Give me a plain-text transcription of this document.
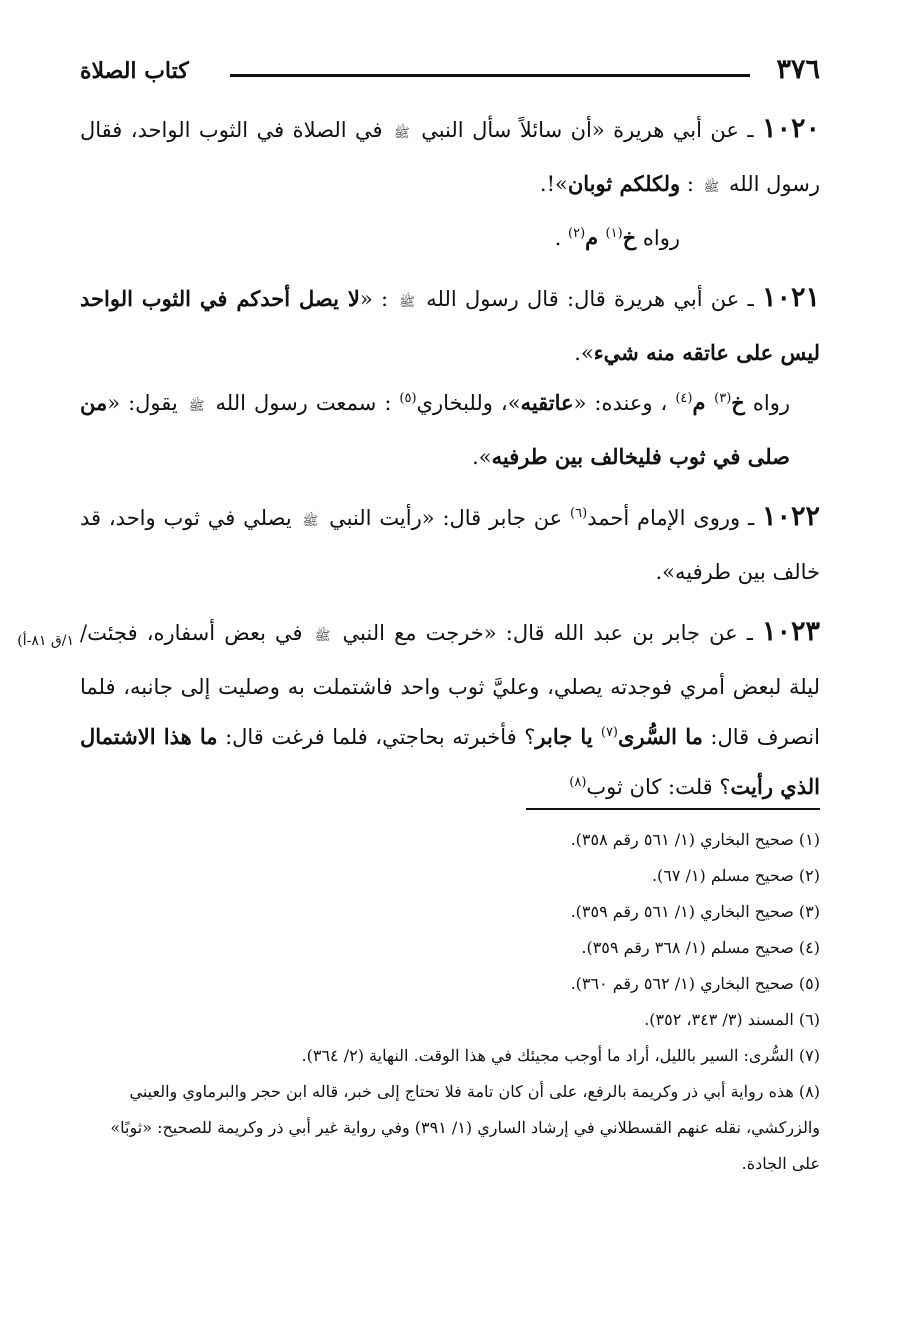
٣٧٦
كتاب الصلاة
١/ق ٨١-أ)

١٠٢٠ ـ عن أبي هريرة «أن سائلاً سأل النبي ﷺ في الصلاة في الثوب الواحد، فقال رسول الله ﷺ : ولكلكم ثوبان»!.

رواه خ$^{(١)}$ م$^{(٢)}$ .

١٠٢١ ـ عن أبي هريرة قال: قال رسول الله ﷺ : «لا يصل أحدكم في الثوب الواحد ليس على عاتقه منه شيء».

رواه خ$^{(٣)}$ م$^{(٤)}$ ، وعنده: «عاتقيه»، وللبخاري$^{(٥)}$ : سمعت رسول الله ﷺ يقول: «من صلى في ثوب فليخالف بين طرفيه».

١٠٢٢ ـ وروى الإمام أحمد$^{(٦)}$ عن جابر قال: «رأيت النبي ﷺ يصلي في ثوب واحد، قد خالف بين طرفيه».

١٠٢٣ ـ عن جابر بن عبد الله قال: «خرجت مع النبي ﷺ في بعض أسفاره، فجئت/ ليلة لبعض أمري فوجدته يصلي، وعليَّ ثوب واحد فاشتملت به وصليت إلى جانبه، فلما انصرف قال: ما السُّرى$^{(٧)}$ يا جابر؟ فأخبرته بحاجتي، فلما فرغت قال: ما هذا الاشتمال الذي رأيت؟ قلت: كان ثوب$^{(٨)}$

(١) صحيح البخاري (١/ ٥٦١ رقم ٣٥٨).

(٢) صحيح مسلم (١/ ٦٧).

(٣) صحيح البخاري (١/ ٥٦١ رقم ٣٥٩).

(٤) صحيح مسلم (١/ ٣٦٨ رقم ٣٥٩).

(٥) صحيح البخاري (١/ ٥٦٢ رقم ٣٦٠).

(٦) المسند (٣/ ٣٤٣، ٣٥٢).

(٧) السُّرى: السير بالليل، أراد ما أوجب مجيئك في هذا الوقت. النهاية (٢/ ٣٦٤).

(٨) هذه رواية أبي ذر وكريمة بالرفع، على أن كان تامة فلا تحتاج إلى خبر، قاله ابن حجر والبرماوي والعيني والزركشي، نقله عنهم القسطلاني في إرشاد الساري (١/ ٣٩١) وفي رواية غير أبي ذر وكريمة للصحيح: «ثوبًا» على الجادة.
